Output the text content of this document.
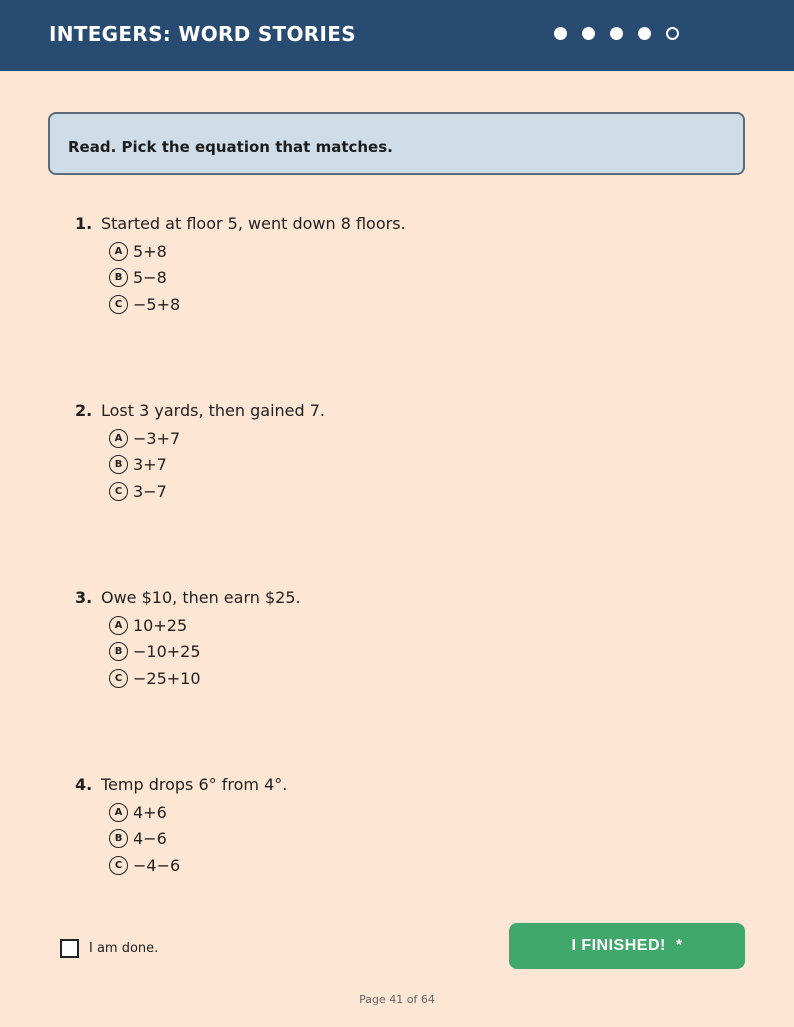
INTEGERS: WORD STORIES
Read. Pick the equation that matches.
1. Started at floor 5, went down 8 floors.
A 5+8
B 5−8
C −5+8
2. Lost 3 yards, then gained 7.
A −3+7
B 3+7
C 3−7
3. Owe $10, then earn $25.
A 10+25
B −10+25
C −25+10
4. Temp drops 6° from 4°.
A 4+6
B 4−6
C −4−6
I am done.	I FINISHED! *
Page 41 of 64
